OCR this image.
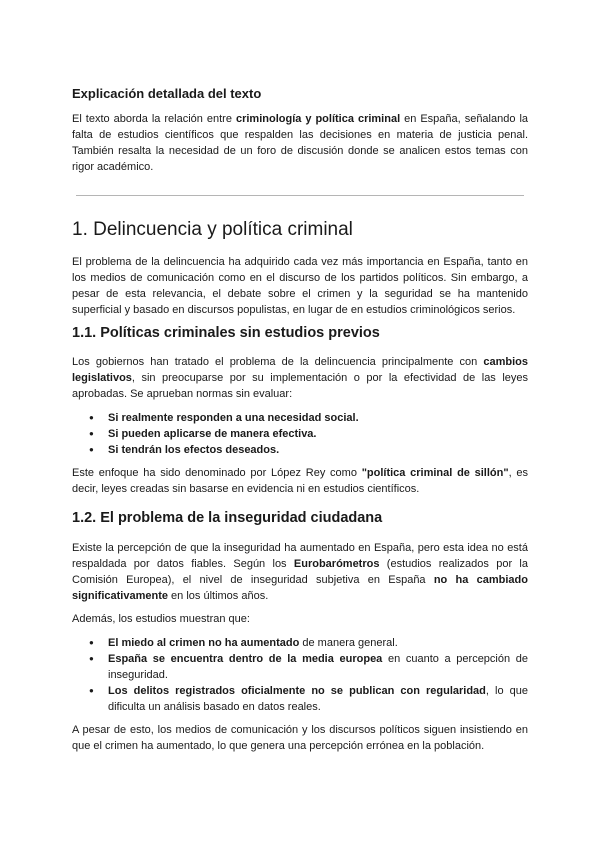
Explicación detallada del texto

El texto aborda la relación entre criminología y política criminal en España, señalando la falta de estudios científicos que respalden las decisiones en materia de justicia penal. También resalta la necesidad de un foro de discusión donde se analicen estos temas con rigor académico.

1. Delincuencia y política criminal

El problema de la delincuencia ha adquirido cada vez más importancia en España, tanto en los medios de comunicación como en el discurso de los partidos políticos. Sin embargo, a pesar de esta relevancia, el debate sobre el crimen y la seguridad se ha mantenido superficial y basado en discursos populistas, en lugar de en estudios criminológicos serios.

1.1. Políticas criminales sin estudios previos

Los gobiernos han tratado el problema de la delincuencia principalmente con cambios legislativos, sin preocuparse por su implementación o por la efectividad de las leyes aprobadas. Se aprueban normas sin evaluar:

● Si realmente responden a una necesidad social.
● Si pueden aplicarse de manera efectiva.
● Si tendrán los efectos deseados.

Este enfoque ha sido denominado por López Rey como "política criminal de sillón", es decir, leyes creadas sin basarse en evidencia ni en estudios científicos.

1.2. El problema de la inseguridad ciudadana

Existe la percepción de que la inseguridad ha aumentado en España, pero esta idea no está respaldada por datos fiables. Según los Eurobarómetros (estudios realizados por la Comisión Europea), el nivel de inseguridad subjetiva en España no ha cambiado significativamente en los últimos años.

Además, los estudios muestran que:

● El miedo al crimen no ha aumentado de manera general.
● España se encuentra dentro de la media europea en cuanto a percepción de inseguridad.
● Los delitos registrados oficialmente no se publican con regularidad, lo que dificulta un análisis basado en datos reales.

A pesar de esto, los medios de comunicación y los discursos políticos siguen insistiendo en que el crimen ha aumentado, lo que genera una percepción errónea en la población.
